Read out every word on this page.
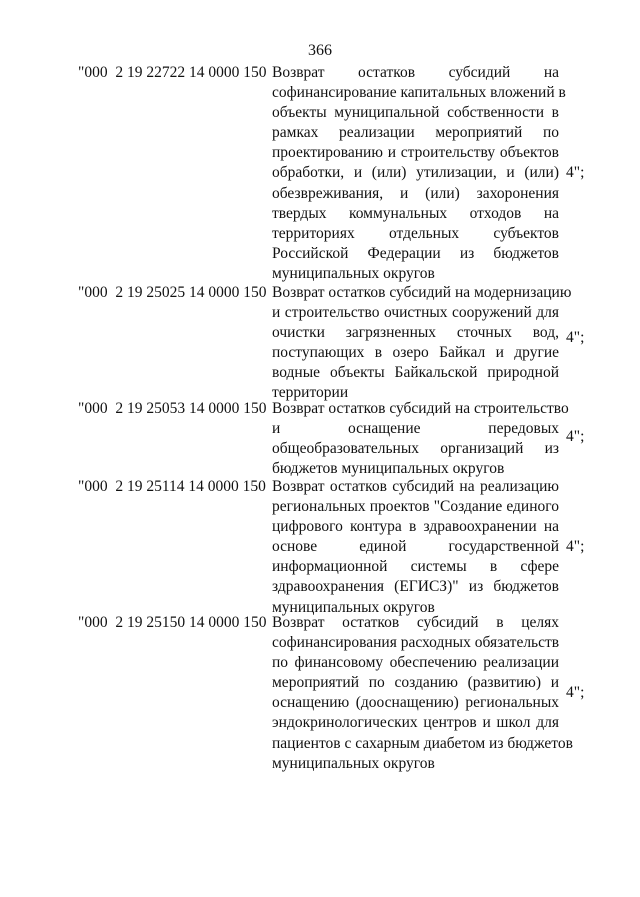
366
"000  2 19 22722 14 0000 150 Возврат остатков субсидий на
софинансирование капитальных вложений в
объекты муниципальной собственности в
рамках реализации мероприятий по
проектированию и строительству объектов
обработки, и (или) утилизации, и (или)
обезвреживания, и (или) захоронения
твердых коммунальных отходов на
территориях отдельных субъектов
Российской Федерации из бюджетов
муниципальных округов
4";
"000  2 19 25025 14 0000 150 Возврат остатков субсидий на модернизацию
и строительство очистных сооружений для
очистки загрязненных сточных вод,
поступающих в озеро Байкал и другие
водные объекты Байкальской природной
территории
4";
"000  2 19 25053 14 0000 150 Возврат остатков субсидий на строительство
и оснащение передовых
общеобразовательных организаций из
бюджетов муниципальных округов
4";
"000  2 19 25114 14 0000 150 Возврат остатков субсидий на реализацию
региональных проектов "Создание единого
цифрового контура в здравоохранении на
основе единой государственной
информационной системы в сфере
здравоохранения (ЕГИСЗ)" из бюджетов
муниципальных округов
4";
"000  2 19 25150 14 0000 150 Возврат остатков субсидий в целях
софинансирования расходных обязательств
по финансовому обеспечению реализации
мероприятий по созданию (развитию) и
оснащению (дооснащению) региональных
эндокринологических центров и школ для
пациентов с сахарным диабетом из бюджетов
муниципальных округов
4";
